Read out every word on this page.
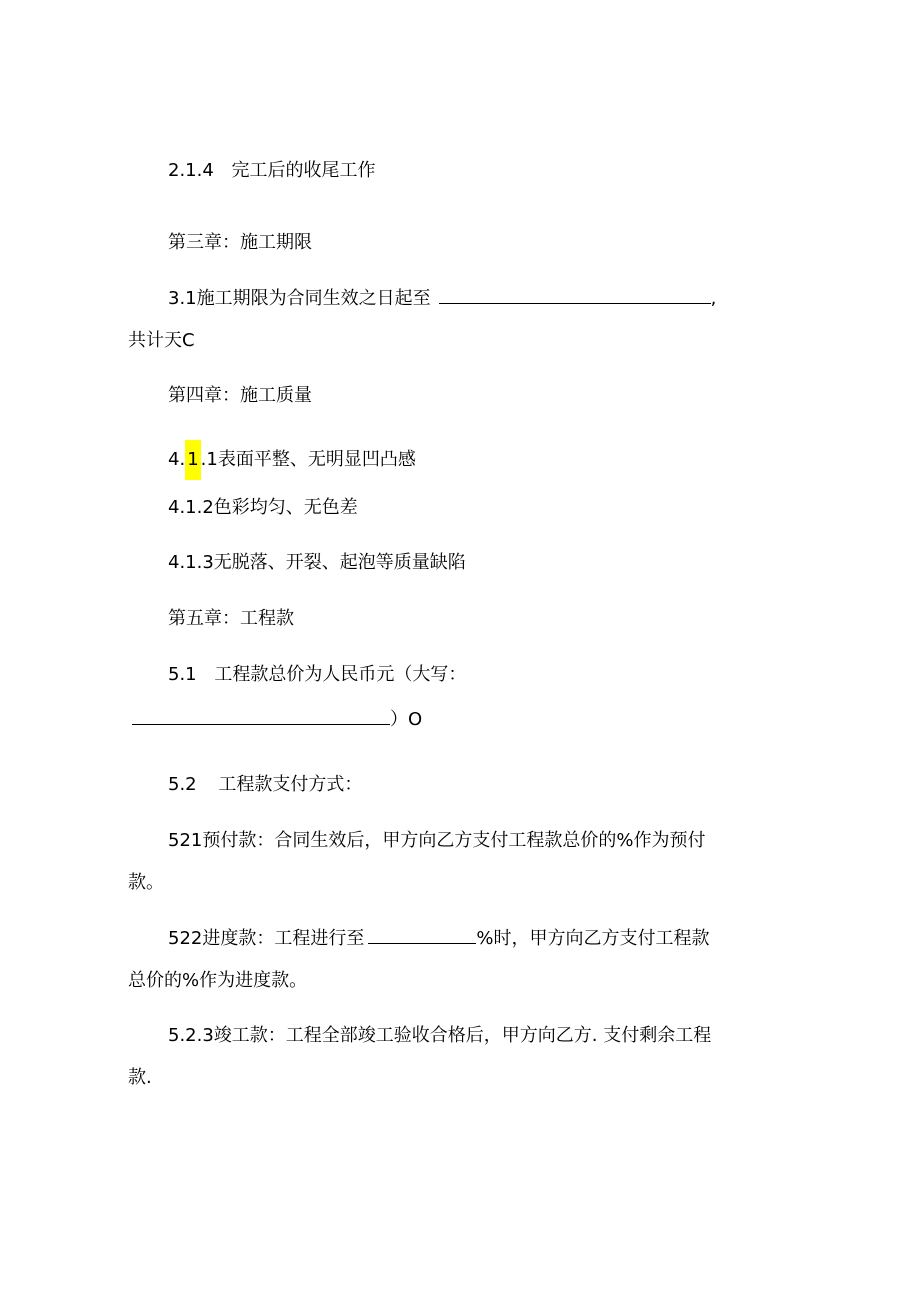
2.1.4 完工后的收尾工作
第三章：施工期限
3.1施工期限为合同生效之日起至	,
共计天C
第四章：施工质量
4. 1 .1表面平整、无明显凹凸感
4.1.2色彩均匀、无色差
4.1.3无脱落、开裂、起泡等质量缺陷
第五章：工程款
5.1 工程款总价为人民币元（大写：
）O
5.2 工程款支付方式：
521预付款：合同生效后，甲方向乙方支付工程款总价的%作为预付
款。
522进度款：工程进行至	%时，甲方向乙方支付工程款
总价的%作为进度款。
5.2.3竣工款：工程全部竣工验收合格后，甲方向乙方. 支付剩余工程
款.
